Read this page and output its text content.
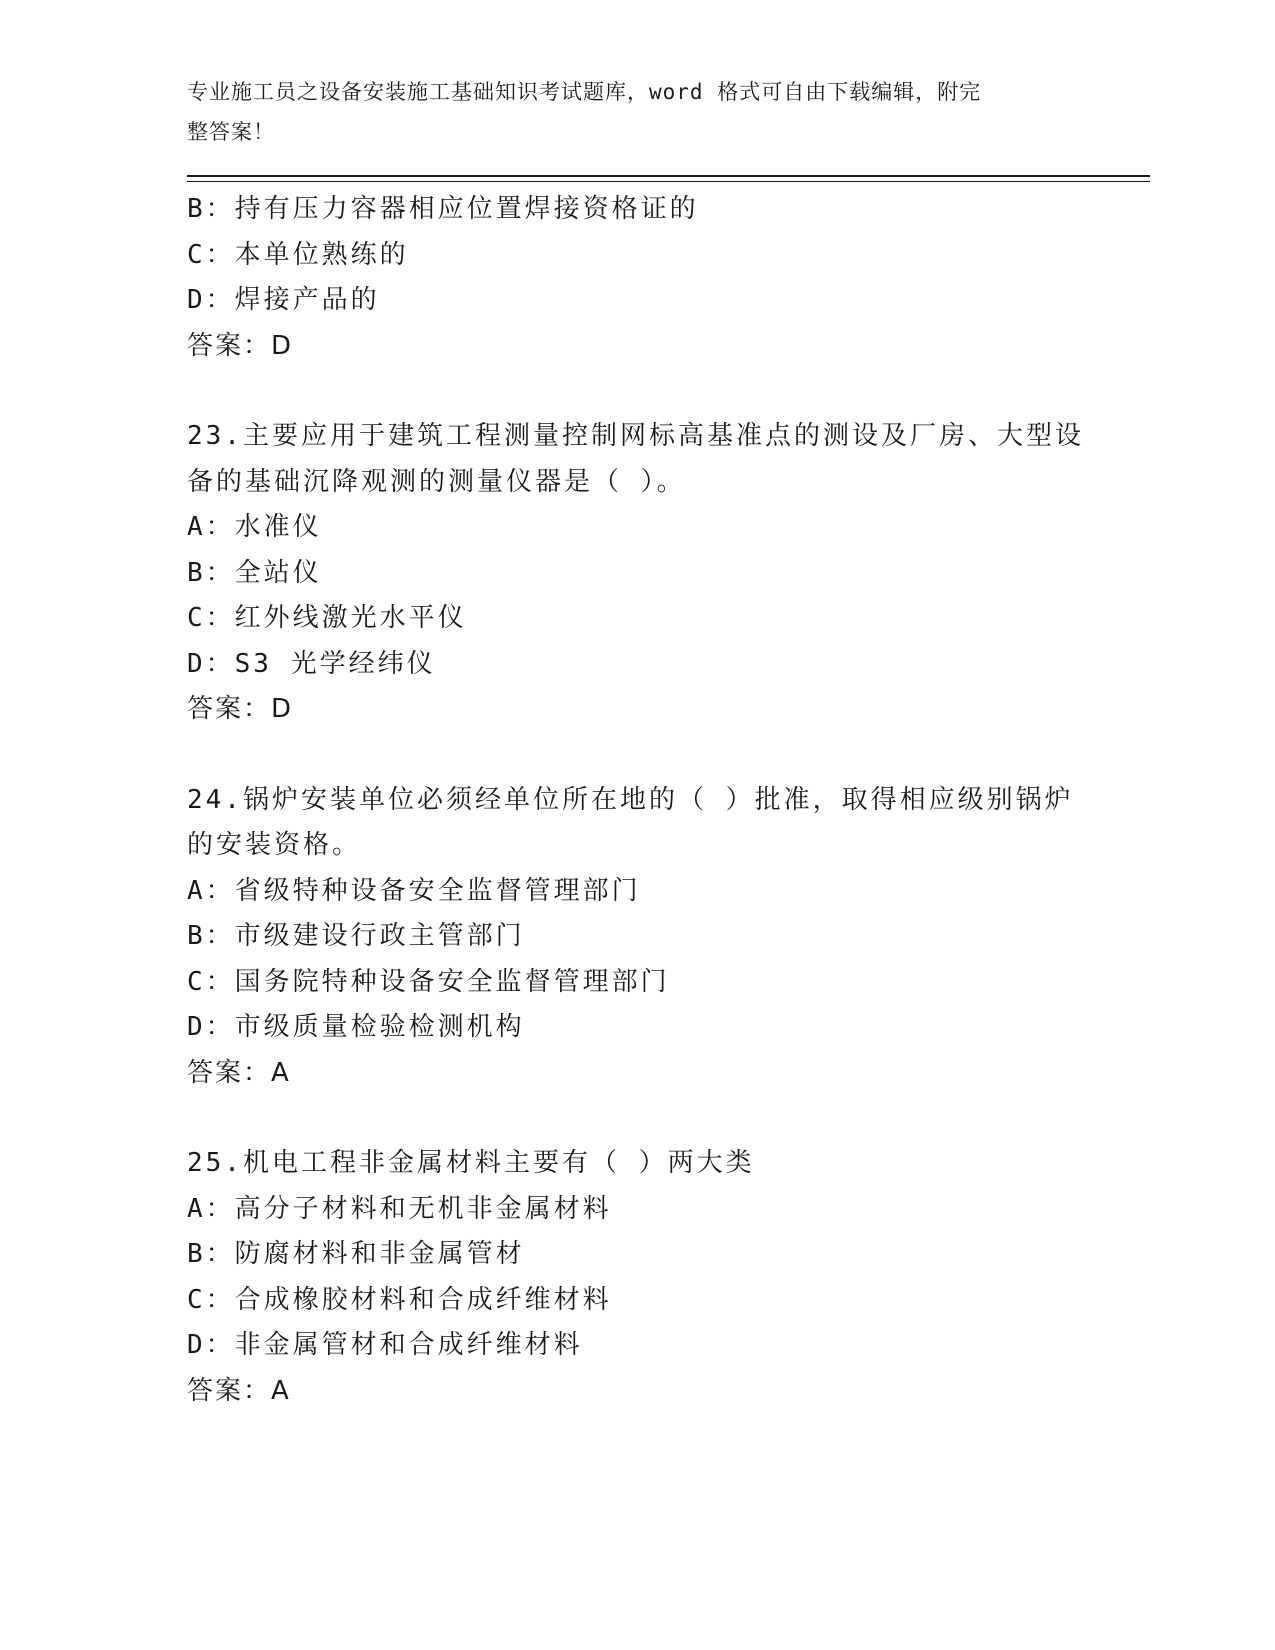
专业施工员之设备安装施工基础知识考试题库，word 格式可自由下载编辑，附完
整答案！
B：持有压力容器相应位置焊接资格证的
C：本单位熟练的
D：焊接产品的
答案：D
23.主要应用于建筑工程测量控制网标高基准点的测设及厂房、大型设
备的基础沉降观测的测量仪器是（ ）。
A：水准仪
B：全站仪
C：红外线激光水平仪
D：S3 光学经纬仪
答案：D
24.锅炉安装单位必须经单位所在地的（ ）批准，取得相应级别锅炉
的安装资格。
A：省级特种设备安全监督管理部门
B：市级建设行政主管部门
C：国务院特种设备安全监督管理部门
D：市级质量检验检测机构
答案：A
25.机电工程非金属材料主要有（ ）两大类
A：高分子材料和无机非金属材料
B：防腐材料和非金属管材
C：合成橡胶材料和合成纤维材料
D：非金属管材和合成纤维材料
答案：A
